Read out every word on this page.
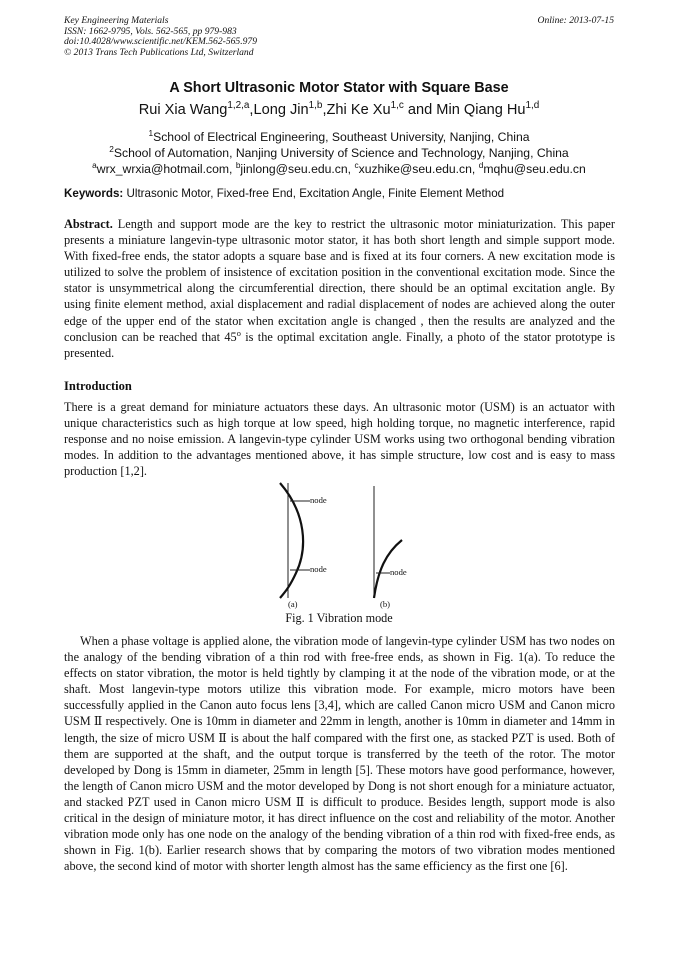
Key Engineering Materials
ISSN: 1662-9795, Vols. 562-565, pp 979-983
doi:10.4028/www.scientific.net/KEM.562-565.979
© 2013 Trans Tech Publications Ltd, Switzerland
Online: 2013-07-15
A Short Ultrasonic Motor Stator with Square Base
Rui Xia Wang$^{1,2,a}$,Long Jin$^{1,b}$,Zhi Ke Xu$^{1,c}$ and Min Qiang Hu$^{1,d}$
$^1$School of Electrical Engineering, Southeast University, Nanjing, China
$^2$School of Automation, Nanjing University of Science and Technology, Nanjing, China
$^a$wrx_wrxia@hotmail.com, $^b$jinlong@seu.edu.cn, $^c$xuzhike@seu.edu.cn, $^d$mqhu@seu.edu.cn
Keywords: Ultrasonic Motor, Fixed-free End, Excitation Angle, Finite Element Method
Abstract. Length and support mode are the key to restrict the ultrasonic motor miniaturization. This paper presents a miniature langevin-type ultrasonic motor stator, it has both short length and simple support mode. With fixed-free ends, the stator adopts a square base and is fixed at its four corners. A new excitation mode is utilized to solve the problem of insistence of excitation position in the conventional excitation mode. Since the stator is unsymmetrical along the circumferential direction, there should be an optimal excitation angle. By using finite element method, axial displacement and radial displacement of nodes are achieved along the outer edge of the upper end of the stator when excitation angle is changed , then the results are analyzed and the conclusion can be reached that 45$^o$ is the optimal excitation angle. Finally, a photo of the stator prototype is presented.
Introduction
There is a great demand for miniature actuators these days. An ultrasonic motor (USM) is an actuator with unique characteristics such as high torque at low speed, high holding torque, no magnetic interference, rapid response and no noise emission. A langevin-type cylinder USM works using two orthogonal bending vibration modes. In addition to the advantages mentioned above, it has simple structure, low cost and is easy to mass production [1,2].
node
node	node
(a)	(b)
Fig. 1 Vibration mode
When a phase voltage is applied alone, the vibration mode of langevin-type cylinder USM has two nodes on the analogy of the bending vibration of a thin rod with free-free ends, as shown in Fig. 1(a). To reduce the effects on stator vibration, the motor is held tightly by clamping it at the node of the vibration mode, or at the shaft. Most langevin-type motors utilize this vibration mode. For example, micro motors have been successfully applied in the Canon auto focus lens [3,4], which are called Canon micro USM and Canon micro USM Ⅱ respectively. One is 10mm in diameter and 22mm in length, another is 10mm in diameter and 14mm in length, the size of micro USM Ⅱ is about the half compared with the first one, as stacked PZT is used. Both of them are supported at the shaft, and the output torque is transferred by the teeth of the rotor. The motor developed by Dong is 15mm in diameter, 25mm in length [5]. These motors have good performance, however, the length of Canon micro USM and the motor developed by Dong is not short enough for a miniature actuator, and stacked PZT used in Canon micro USM Ⅱ is difficult to produce. Besides length, support mode is also critical in the design of miniature motor, it has direct influence on the cost and reliability of the motor. Another vibration mode only has one node on the analogy of the bending vibration of a thin rod with fixed-free ends, as shown in Fig. 1(b). Earlier research shows that by comparing the motors of two vibration modes mentioned above, the second kind of motor with shorter length almost has the same efficiency as the first one [6].
